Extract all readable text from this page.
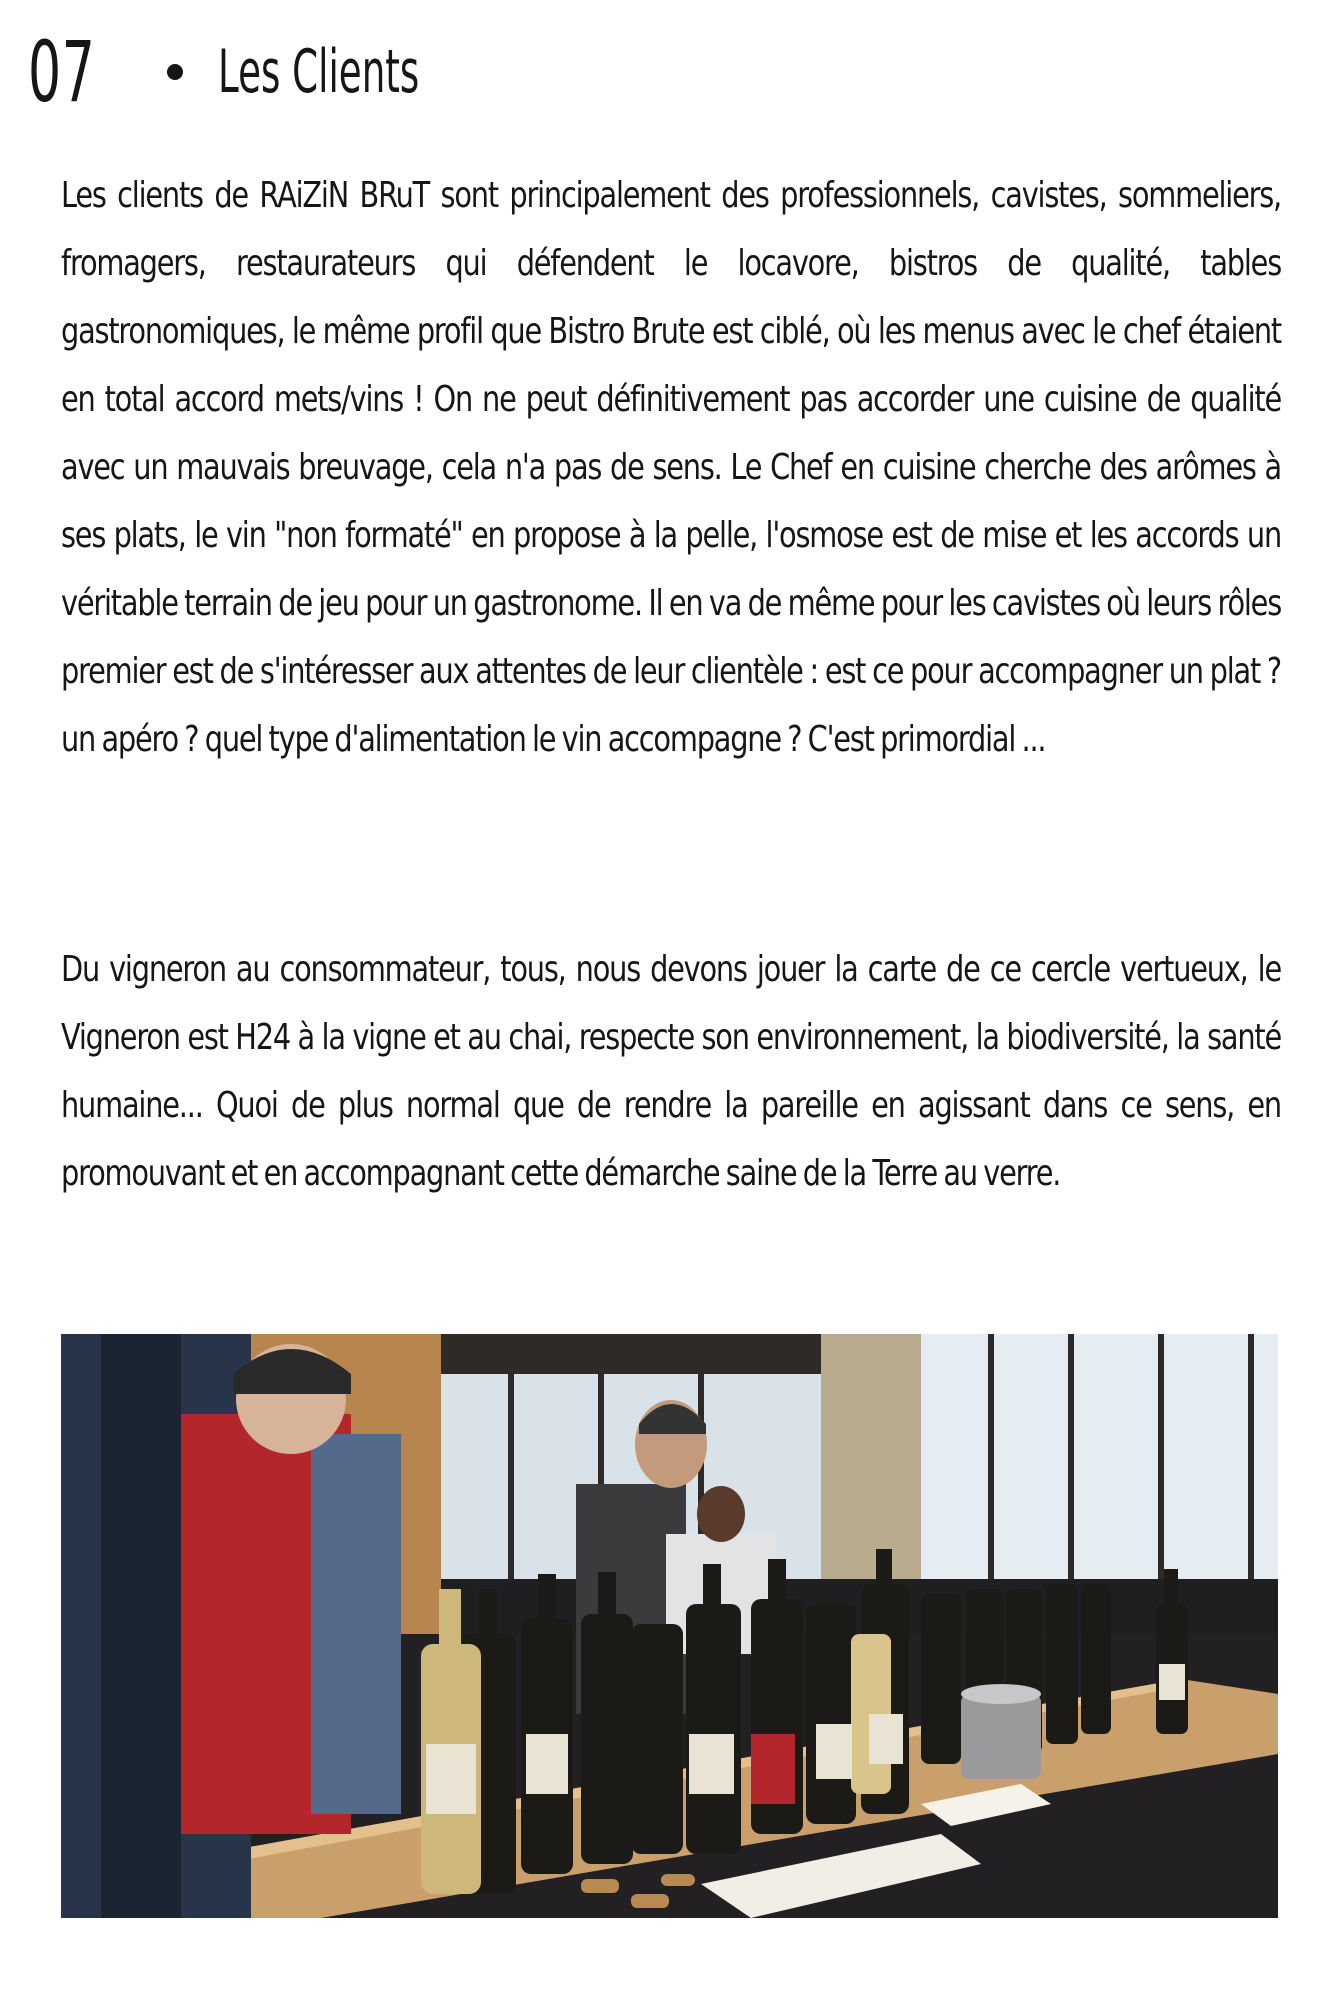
07 Les Clients

Les clients de RAiZiN BRuT sont principalement des professionnels, cavistes, sommeliers, fromagers, restaurateurs qui défendent le locavore, bistros de qualité, tables gastronomiques, le même profil que Bistro Brute est ciblé, où les menus avec le chef étaient en total accord mets/vins ! On ne peut définitivement pas accorder une cuisine de qualité avec un mauvais breuvage, cela n'a pas de sens. Le Chef en cuisine cherche des arômes à ses plats, le vin "non formaté" en propose à la pelle, l'osmose est de mise et les accords un véritable terrain de jeu pour un gastronome. Il en va de même pour les cavistes où leurs rôles premier est de s'intéresser aux attentes de leur clientèle : est ce pour accompagner un plat ? un apéro ? quel type d'alimentation le vin accompagne ? C'est primordial ...

Du vigneron au consommateur, tous, nous devons jouer la carte de ce cercle vertueux, le Vigneron est H24 à la vigne et au chai, respecte son environnement, la biodiversité, la santé humaine... Quoi de plus normal que de rendre la pareille en agissant dans ce sens, en promouvant et en accompagnant cette démarche saine de la Terre au verre.
